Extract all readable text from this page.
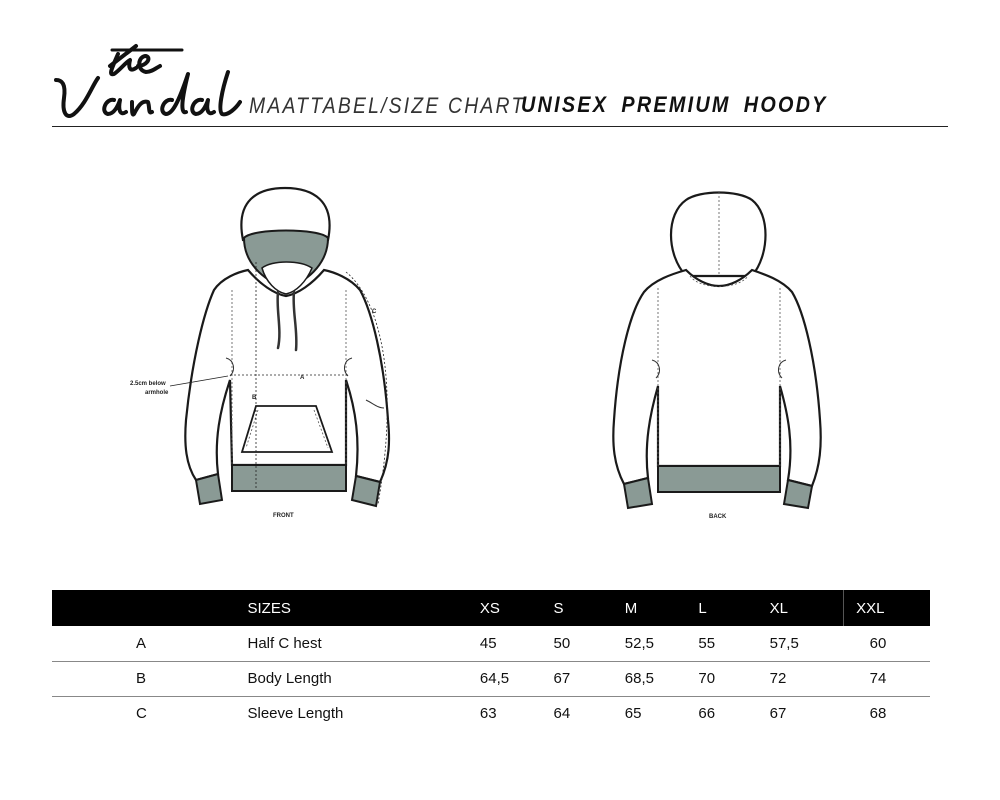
MAATTABEL/SIZE CHART
UNISEX PREMIUM HOODY
A
B
C
2.5cm below
armhole
FRONT	BACK
	SIZES	XS	S	M	L	XL	XXL
A	Half C hest	45	50	52,5	55	57,5	60
B	Body Length	64,5	67	68,5	70	72	74
C	Sleeve Length	63	64	65	66	67	68
